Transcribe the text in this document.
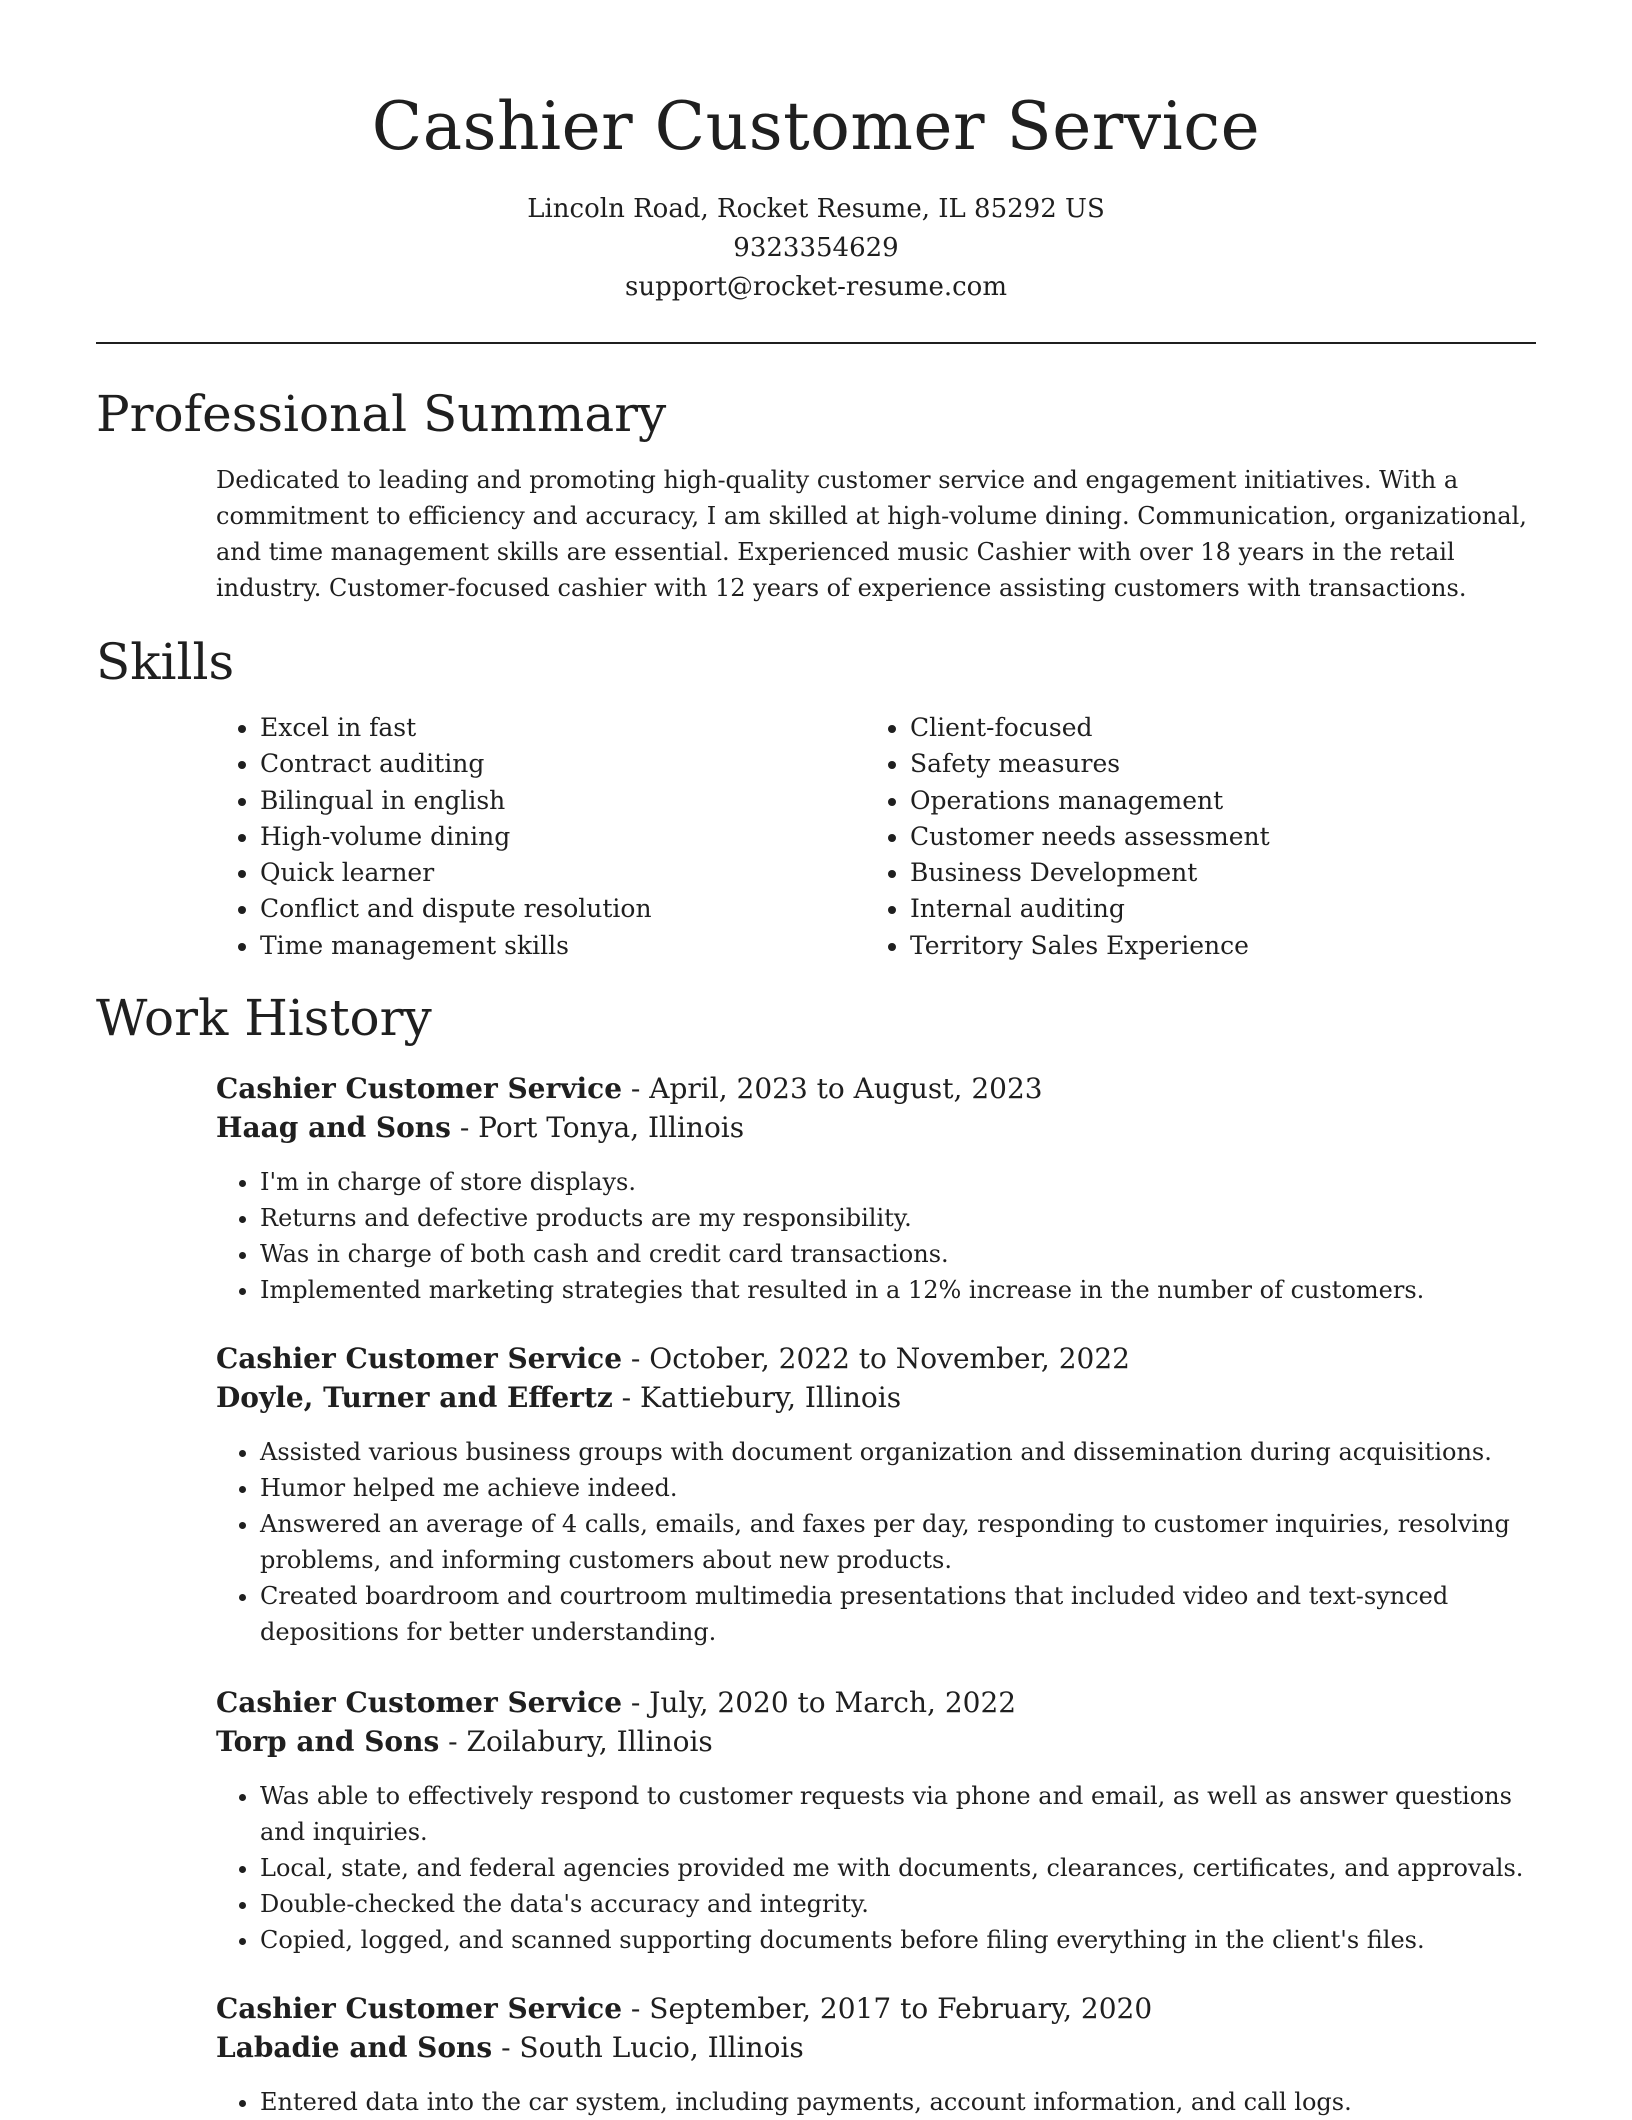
Cashier Customer Service
Lincoln Road, Rocket Resume, IL 85292 US
9323354629
support@rocket-resume.com
Professional Summary

Dedicated to leading and promoting high-quality customer service and engagement initiatives. With a commitment to efficiency and accuracy, I am skilled at high-volume dining. Communication, organizational, and time management skills are essential. Experienced music Cashier with over 18 years in the retail industry. Customer-focused cashier with 12 years of experience assisting customers with transactions.

Skills
• Excel in fast
• Contract auditing
• Bilingual in english
• High-volume dining
• Quick learner
• Conflict and dispute resolution
• Time management skills
• Client-focused
• Safety measures
• Operations management
• Customer needs assessment
• Business Development
• Internal auditing
• Territory Sales Experience
Work History
Cashier Customer Service - April, 2023 to August, 2023
Haag and Sons - Port Tonya, Illinois
• I'm in charge of store displays.
• Returns and defective products are my responsibility.
• Was in charge of both cash and credit card transactions.
• Implemented marketing strategies that resulted in a 12% increase in the number of customers.
Cashier Customer Service - October, 2022 to November, 2022
Doyle, Turner and Effertz - Kattiebury, Illinois
• Assisted various business groups with document organization and dissemination during acquisitions.
• Humor helped me achieve indeed.
• Answered an average of 4 calls, emails, and faxes per day, responding to customer inquiries, resolving problems, and informing customers about new products.
• Created boardroom and courtroom multimedia presentations that included video and text-synced depositions for better understanding.
Cashier Customer Service - July, 2020 to March, 2022
Torp and Sons - Zoilabury, Illinois
• Was able to effectively respond to customer requests via phone and email, as well as answer questions and inquiries.
• Local, state, and federal agencies provided me with documents, clearances, certificates, and approvals.
• Double-checked the data's accuracy and integrity.
• Copied, logged, and scanned supporting documents before filing everything in the client's files.
Cashier Customer Service - September, 2017 to February, 2020
Labadie and Sons - South Lucio, Illinois
• Entered data into the car system, including payments, account information, and call logs.
